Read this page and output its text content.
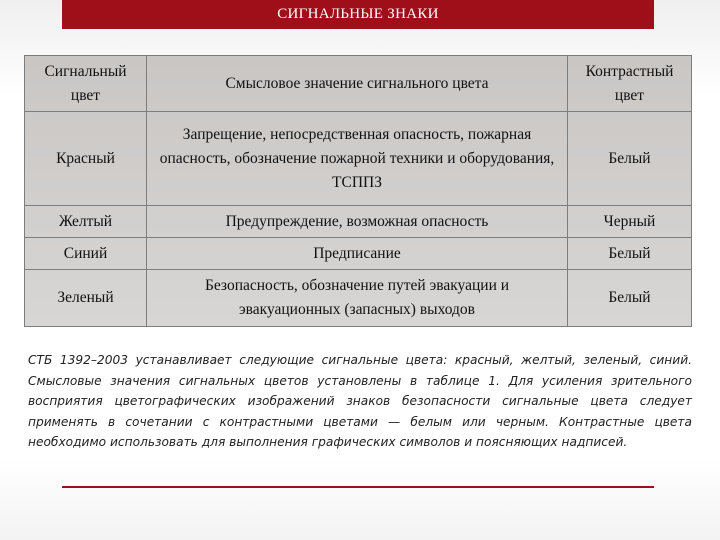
СИГНАЛЬНЫЕ ЗНАКИ
Сигнальный цвет	Смысловое значение сигнального цвета	Контрастный цвет
Красный	Запрещение, непосредственная опасность, пожарная опасность, обозначение пожарной техники и оборудования, ТСППЗ	Белый
Желтый	Предупреждение, возможная опасность	Черный
Синий	Предписание	Белый
Зеленый	Безопасность, обозначение путей эвакуации и эвакуационных (запасных) выходов	Белый

СТБ 1392–2003 устанавливает следующие сигнальные цвета: красный, желтый, зеленый, синий. Смысловые значения сигнальных цветов установлены в таблице 1. Для усиления зрительного восприятия цветографических изображений знаков безопасности сигнальные цвета следует применять в сочетании с контрастными цветами — белым или черным. Контрастные цвета необходимо использовать для выполнения графических символов и поясняющих надписей.
